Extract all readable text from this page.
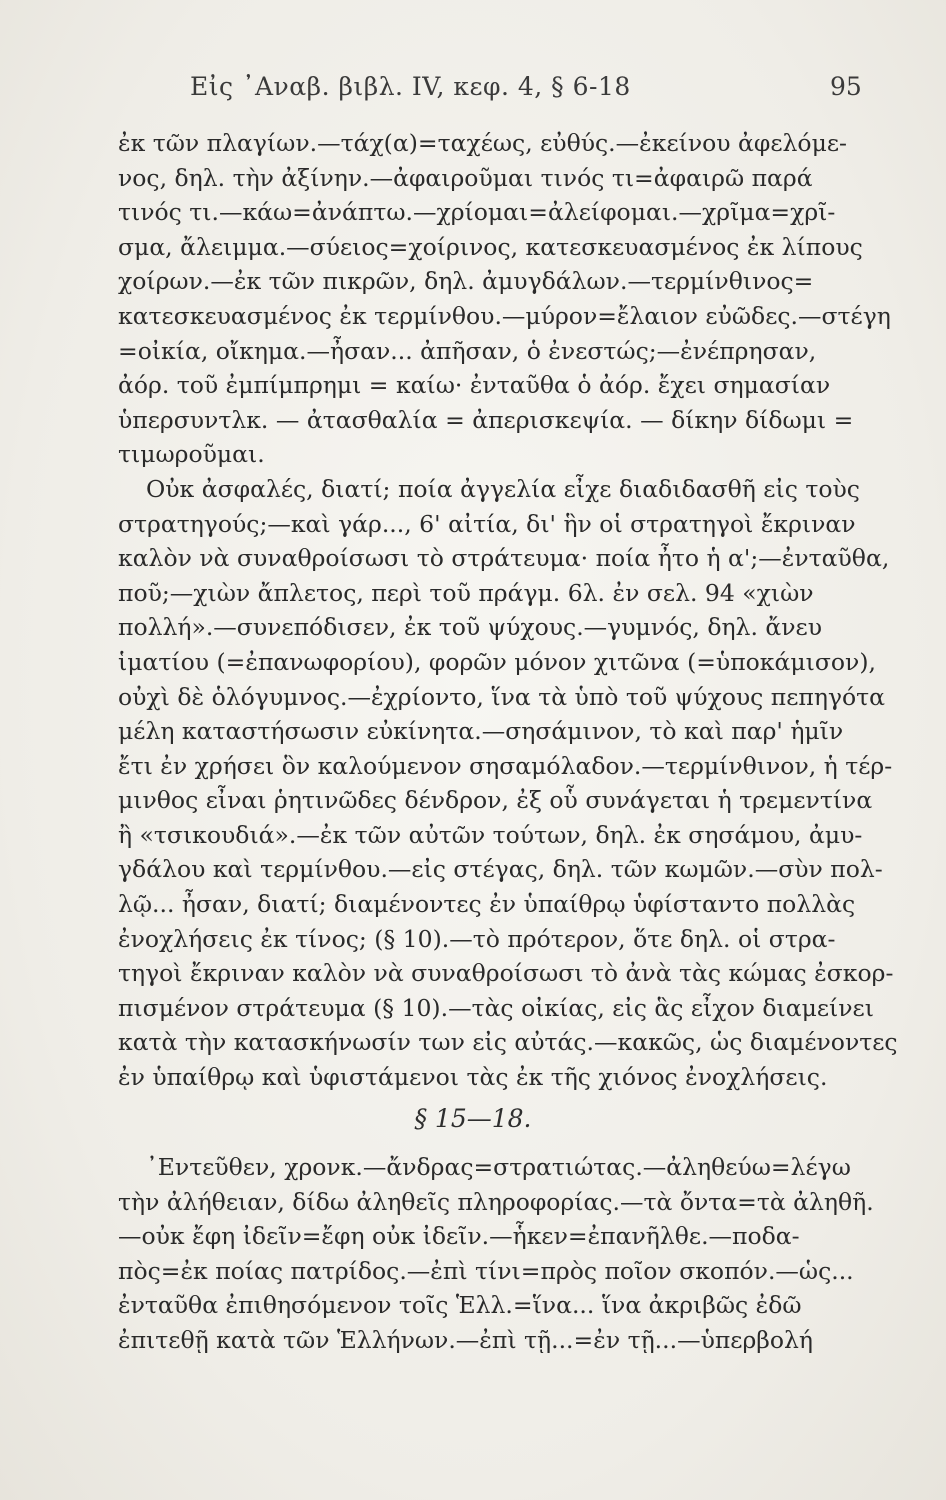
Εἰς ᾿Αναβ. βιβλ. IV, κεφ. 4, § 6-18	95
ἐκ τῶν πλαγίων.—τάχ(α)=ταχέως, εὐθύς.—ἐκείνου ἀφελόμε-
νος, δηλ. τὴν ἀξίνην.—ἀφαιροῦμαι τινός τι=ἀφαιρῶ παρά
τινός τι.—κάω=ἀνάπτω.—χρίομαι=ἀλείφομαι.—χρῖμα=χρῖ-
σμα, ἄλειμμα.—σύειος=χοίρινος, κατεσκευασμένος ἐκ λίπους
χοίρων.—ἐκ τῶν πικρῶν, δηλ. ἀμυγδάλων.—τερμίνθινος=
κατεσκευασμένος ἐκ τερμίνθου.—μύρον=ἔλαιον εὐῶδες.—στέγη
=οἰκία, οἴκημα.—ἦσαν... ἀπῆσαν, ὁ ἐνεστώς;—ἐνέπρησαν,
ἀόρ. τοῦ ἐμπίμπρημι = καίω· ἐνταῦθα ὁ ἀόρ. ἔχει σημασίαν
ὑπερσυντλκ. — ἀτασθαλία = ἀπερισκεψία. — δίκην δίδωμι =
τιμωροῦμαι.
Οὐκ ἀσφαλές, διατί; ποία ἀγγελία εἶχε διαδιδασθῆ εἰς τοὺς
στρατηγούς;—καὶ γάρ..., 6' αἰτία, δι' ἣν οἱ στρατηγοὶ ἔκριναν
καλὸν νὰ συναθροίσωσι τὸ στράτευμα· ποία ἦτο ἡ α';—ἐνταῦθα,
ποῦ;—χιὼν ἄπλετος, περὶ τοῦ πράγμ. 6λ. ἐν σελ. 94 «χιὼν
πολλή».—συνεπόδισεν, ἐκ τοῦ ψύχους.—γυμνός, δηλ. ἄνευ
ἱματίου (=ἐπανωφορίου), φορῶν μόνον χιτῶνα (=ὑποκάμισον),
οὐχὶ δὲ ὁλόγυμνος.—ἐχρίοντο, ἵνα τὰ ὑπὸ τοῦ ψύχους πεπηγότα
μέλη καταστήσωσιν εὐκίνητα.—σησάμινον, τὸ καὶ παρ' ἡμῖν
ἔτι ἐν χρήσει ὃν καλούμενον σησαμόλαδον.—τερμίνθινον, ἡ τέρ-
μινθος εἶναι ῥητινῶδες δένδρον, ἐξ οὗ συνάγεται ἡ τρεμεντίνα
ἢ «τσικουδιά».—ἐκ τῶν αὐτῶν τούτων, δηλ. ἐκ σησάμου, ἀμυ-
γδάλου καὶ τερμίνθου.—εἰς στέγας, δηλ. τῶν κωμῶν.—σὺν πολ-
λῷ... ἦσαν, διατί; διαμένοντες ἐν ὑπαίθρῳ ὑφίσταντο πολλὰς
ἐνοχλήσεις ἐκ τίνος; (§ 10).—τὸ πρότερον, ὅτε δηλ. οἱ στρα-
τηγοὶ ἔκριναν καλὸν νὰ συναθροίσωσι τὸ ἀνὰ τὰς κώμας ἐσκορ-
πισμένον στράτευμα (§ 10).—τὰς οἰκίας, εἰς ἃς εἶχον διαμείνει
κατὰ τὴν κατασκήνωσίν των εἰς αὐτάς.—κακῶς, ὡς διαμένοντες
ἐν ὑπαίθρῳ καὶ ὑφιστάμενοι τὰς ἐκ τῆς χιόνος ἐνοχλήσεις.
§ 15—18.
᾿Εντεῦθεν, χρονκ.—ἄνδρας=στρατιώτας.—ἀληθεύω=λέγω
τὴν ἀλήθειαν, δίδω ἀληθεῖς πληροφορίας.—τὰ ὄντα=τὰ ἀληθῆ.
—οὐκ ἔφη ἰδεῖν=ἔφη οὐκ ἰδεῖν.—ἧκεν=ἐπανῆλθε.—ποδα-
πὸς=ἐκ ποίας πατρίδος.—ἐπὶ τίνι=πρὸς ποῖον σκοπόν.—ὡς...
ἐνταῦθα ἐπιθησόμενον τοῖς Ἑλλ.=ἵνα... ἵνα ἀκριβῶς ἐδῶ
ἐπιτεθῇ κατὰ τῶν Ἑλλήνων.—ἐπὶ τῇ...=ἐν τῇ...—ὑπερβολή
